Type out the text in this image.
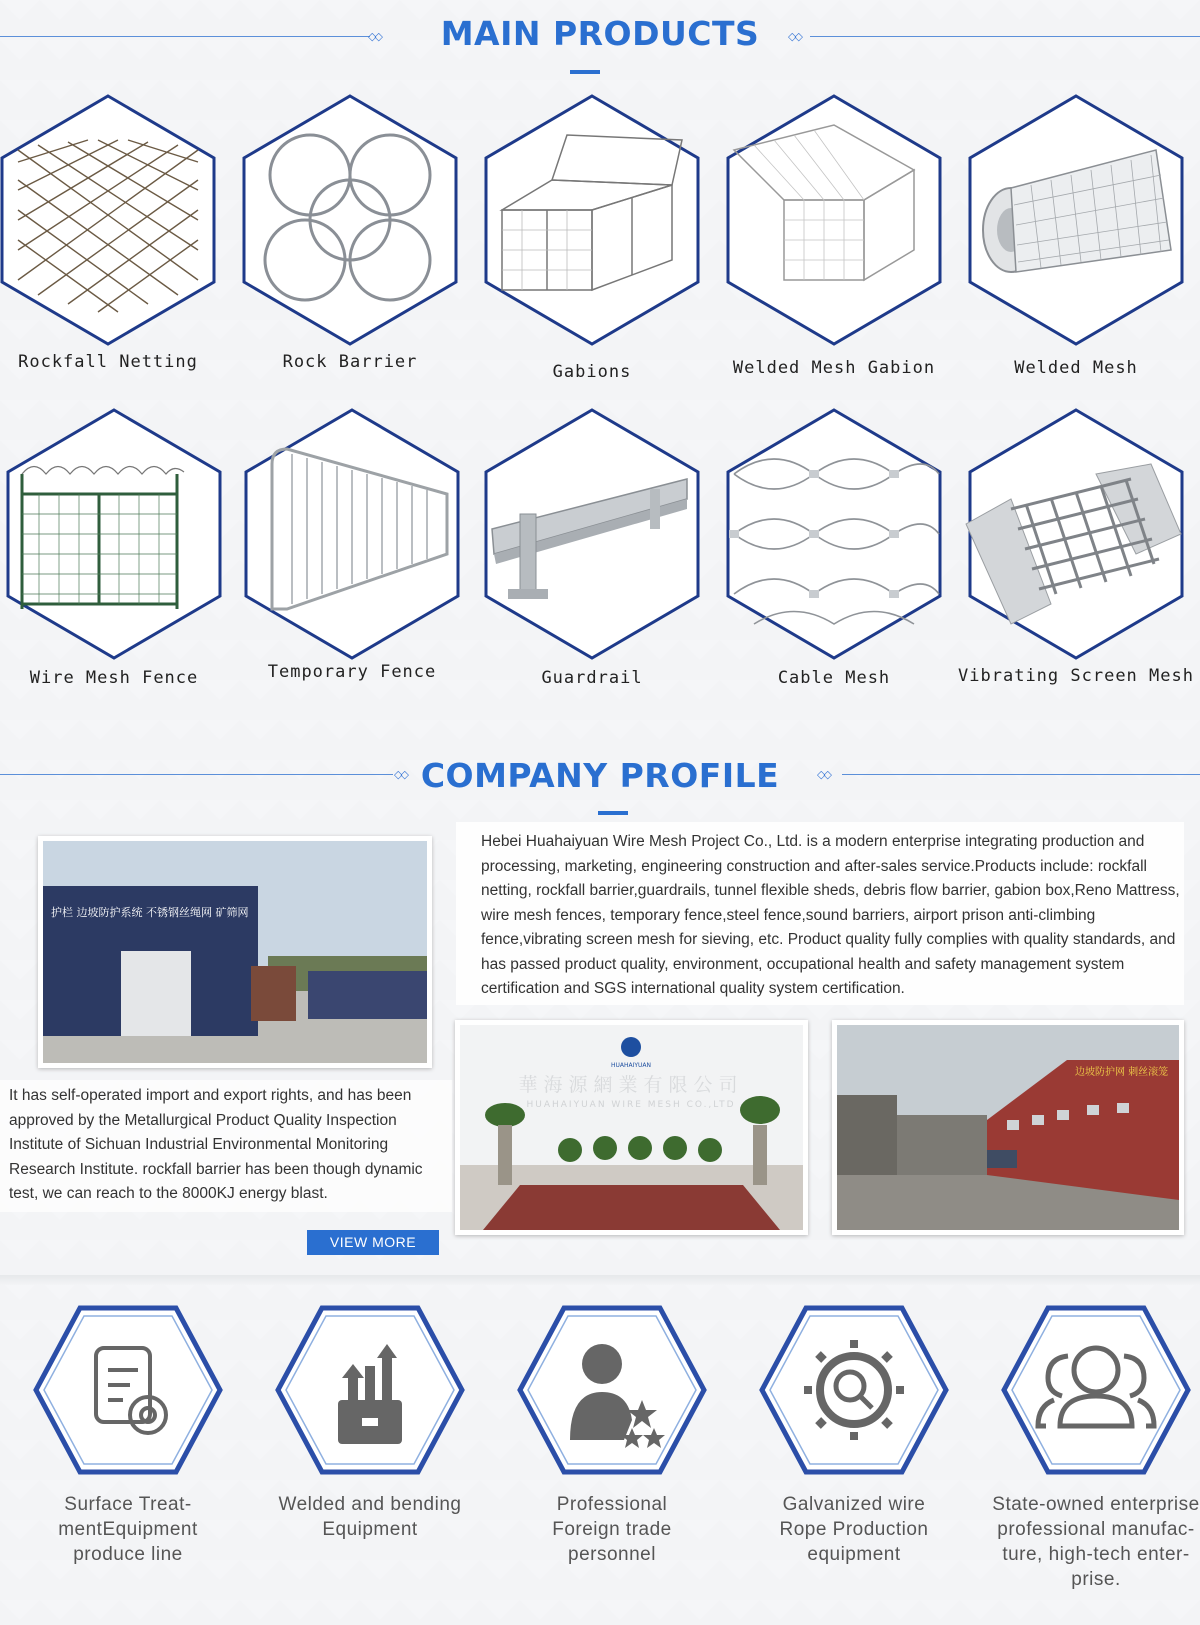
◇◇	MAIN PRODUCTS	◇◇
Rockfall Netting	Rock Barrier	Gabions	Welded Mesh Gabion	Welded Mesh
Wire Mesh Fence	Temporary Fence	Guardrail	Cable Mesh	Vibrating Screen Mesh
◇◇ COMPANY PROFILE	◇◇
Hebei Huahaiyuan Wire Mesh Project Co., Ltd. is a modern enterprise integrating production and processing, marketing, engineering construction and after-sales service.Products include: rockfall netting, rockfall barrier,guardrails, tunnel flexible sheds, debris flow barrier, gabion box,Reno Mattress, wire mesh fences, temporary fence,steel fence,sound barriers, airport prison anti-climbing fence,vibrating screen mesh for sieving, etc. Product quality fully complies with quality standards, and has passed product quality, environment, occupational health and safety management system certification and SGS international quality system certification.
护栏 边坡防护系统 不锈钢丝绳网 矿筛网
It has self-operated import and export rights, and has been approved by the Metallurgical Product Quality Inspection Institute of Sichuan Industrial Environmental Monitoring Research Institute. rockfall barrier has been though dynamic test, we can reach to the 8000KJ energy blast.
HUAHAIYUAN
華海源網業有限公司
HUAHAIYUAN WIRE MESH CO.,LTD
边坡防护网 刺丝滚笼
VIEW MORE
Surface Treat-mentEquipment produce line
Welded and bending Equipment
Professional Foreign trade personnel
Galvanized wire Rope Production equipment
State-owned enterprise professional manufac-ture, high-tech enter-prise.
